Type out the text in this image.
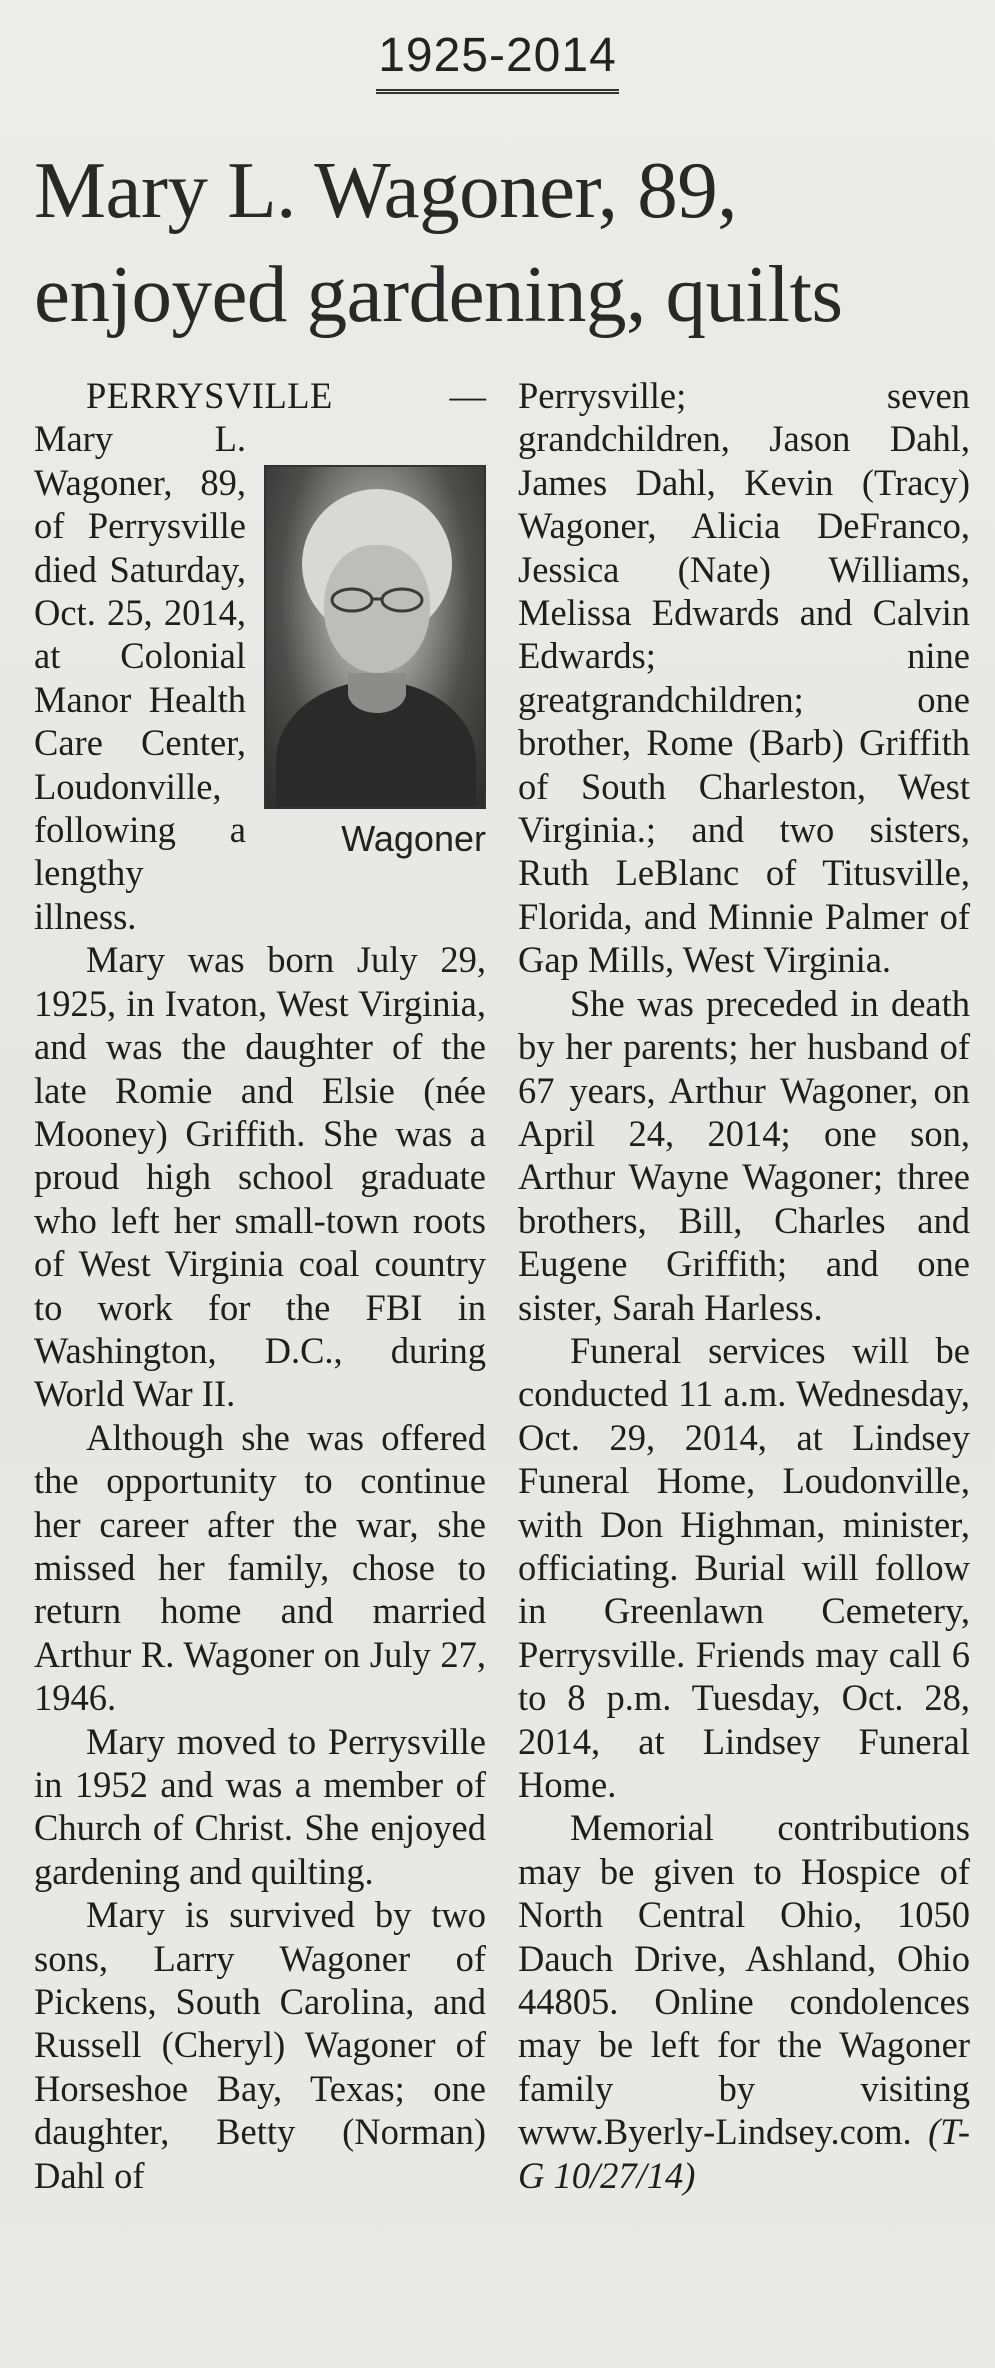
1925-2014
Mary L. Wagoner, 89, enjoyed gardening, quilts

PERRYSVILLE	—

Wagoner

Mary L. Wagoner, 89, of Perrysville died Saturday, Oct. 25, 2014, at Colonial Manor Health Care Center, Loudonville, following a lengthy illness.

Mary was born July 29, 1925, in Ivaton, West Virginia, and was the daughter of the late Romie and Elsie (née Mooney) Griffith. She was a proud high school graduate who left her small-town roots of West Virginia coal country to work for the FBI in Washington, D.C., during World War II.

Although she was offered the opportunity to continue her career after the war, she missed her family, chose to return home and married Arthur R. Wagoner on July 27, 1946.

Mary moved to Perrysville in 1952 and was a member of Church of Christ. She enjoyed gardening and quilting.

Mary is survived by two sons, Larry Wagoner of Pickens, South Carolina, and Russell (Cheryl) Wagoner of Horseshoe Bay, Texas; one daughter, Betty (Norman) Dahl of

Perrysville; seven grandchildren, Jason Dahl, James Dahl, Kevin (Tracy) Wagoner, Alicia DeFranco, Jessica (Nate) Williams, Melissa Edwards and Calvin Edwards; nine greatgrandchildren; one brother, Rome (Barb) Griffith of South Charleston, West Virginia.; and two sisters, Ruth LeBlanc of Titusville, Florida, and Minnie Palmer of Gap Mills, West Virginia.

She was preceded in death by her parents; her husband of 67 years, Arthur Wagoner, on April 24, 2014; one son, Arthur Wayne Wagoner; three brothers, Bill, Charles and Eugene Griffith; and one sister, Sarah Harless.

Funeral services will be conducted 11 a.m. Wednesday, Oct. 29, 2014, at Lindsey Funeral Home, Loudonville, with Don Highman, minister, officiating. Burial will follow in Greenlawn Cemetery, Perrysville. Friends may call 6 to 8 p.m. Tuesday, Oct. 28, 2014, at Lindsey Funeral Home.

Memorial contributions may be given to Hospice of North Central Ohio, 1050 Dauch Drive, Ashland, Ohio 44805. Online condolences may be left for the Wagoner family by visiting www.Byerly-Lindsey.com. (T-G 10/27/14)
